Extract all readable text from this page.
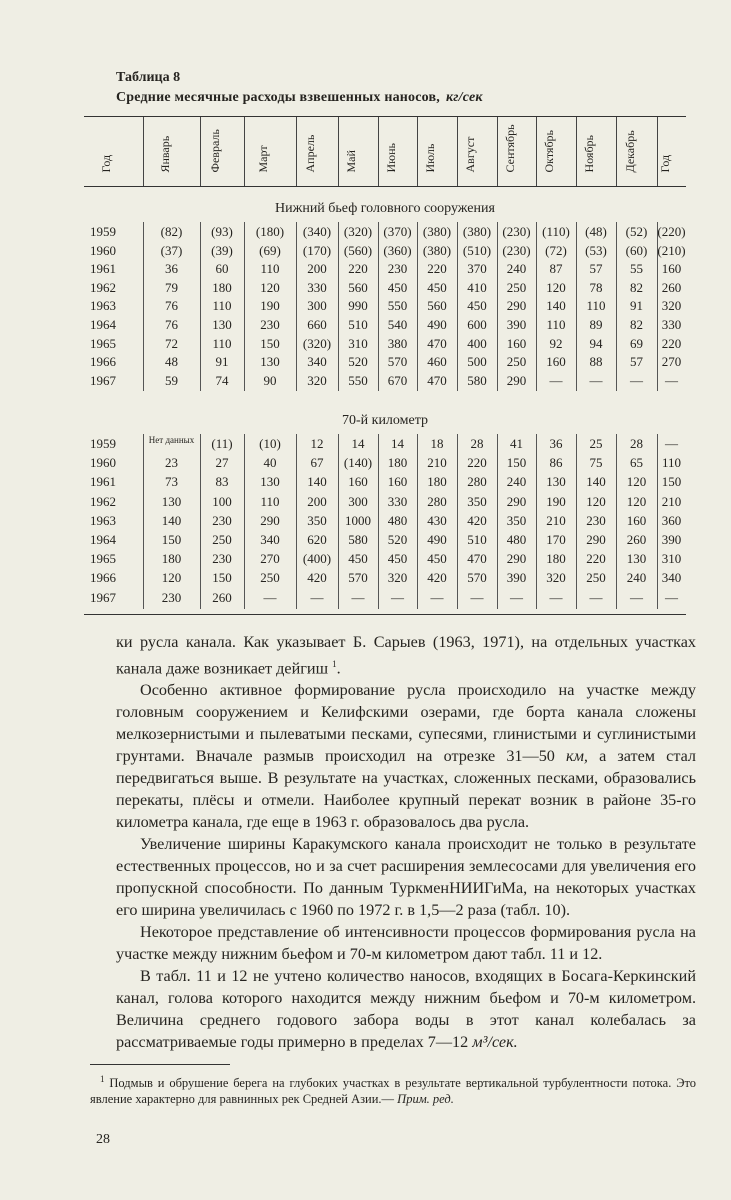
Таблица 8
Средние месячные расходы взвешенных наносов, кг/сек
Год	Январь	Февраль	Март	Апрель Май Июнь Июль Август Сентябрь Октябрь Ноябрь Декабрь Год
Нижний бьеф головного сооружения
1959	(82)	(93)	(180)	(340) (320) (370) (380) (380) (230) (110)	(48)	(52) (220)
1960	(37)	(39)	(69)	(170) (560) (360) (380) (510) (230)	(72)	(53)	(60) (210)
1961	36	60	110	200	220	230	220	370	240	87	57	55	160
1962	79	180	120	330	560	450	450	410	250	120	78	82	260
1963	76	110	190	300	990	550	560	450	290	140	110	91	320
1964	76	130	230	660	510	540	490	600	390	110	89	82	330
1965	72	110	150	(320)	310	380	470	400	160	92	94	69	220
1966	48	91	130	340	520	570	460	500	250	160	88	57	270
1967	59	74	90	320	550	670	470	580	290	—	—	—	—
70-й километр
1959	Нет данных	(11)	(10)	12	14	14	18	28	41	36	25	28	—
1960	23	27	40	67	(140)	180	210	220	150	86	75	65	110
1961	73	83	130	140	160	160	180	280	240	130	140	120	150
1962	130	100	110	200	300	330	280	350	290	190	120	120	210
1963	140	230	290	350	1000	480	430	420	350	210	230	160	360
1964	150	250	340	620	580	520	490	510	480	170	290	260	390
1965	180	230	270	(400)	450	450	450	470	290	180	220	130	310
1966	120	150	250	420	570	320	420	570	390	320	250	240	340
1967	230	260	—	—	—	—	—	—	—	—	—	—	—

ки русла канала. Как указывает Б. Сарыев (1963, 1971), на отдельных участках канала даже возникает дейгиш $^1$.

Особенно активное формирование русла происходило на участке между головным сооружением и Келифскими озерами, где борта канала сложены мелкозернистыми и пылеватыми песками, супесями, глинистыми и суглинистыми грунтами. Вначале размыв происходил на отрезке 31—50 км, а затем стал передвигаться выше. В результате на участках, сложенных песками, образовались перекаты, плёсы и отмели. Наиболее крупный перекат возник в районе 35-го километра канала, где еще в 1963 г. образовалось два русла.

Увеличение ширины Каракумского канала происходит не только в результате естественных процессов, но и за счет расширения землесосами для увеличения его пропускной способности. По данным ТуркменНИИГиМа, на некоторых участках его ширина увеличилась с 1960 по 1972 г. в 1,5—2 раза (табл. 10).

Некоторое представление об интенсивности процессов формирования русла на участке между нижним бьефом и 70-м километром дают табл. 11 и 12.

В табл. 11 и 12 не учтено количество наносов, входящих в Босага-Керкинский канал, голова которого находится между нижним бьефом и 70-м километром. Величина среднего годового забора воды в этот канал колебалась за рассматриваемые годы примерно в пределах 7—12 м³/сек.

$^1$ Подмыв и обрушение берега на глубоких участках в результате вертикальной турбулентности потока. Это явление характерно для равнинных рек Средней Азии.— Прим. ред.
28
